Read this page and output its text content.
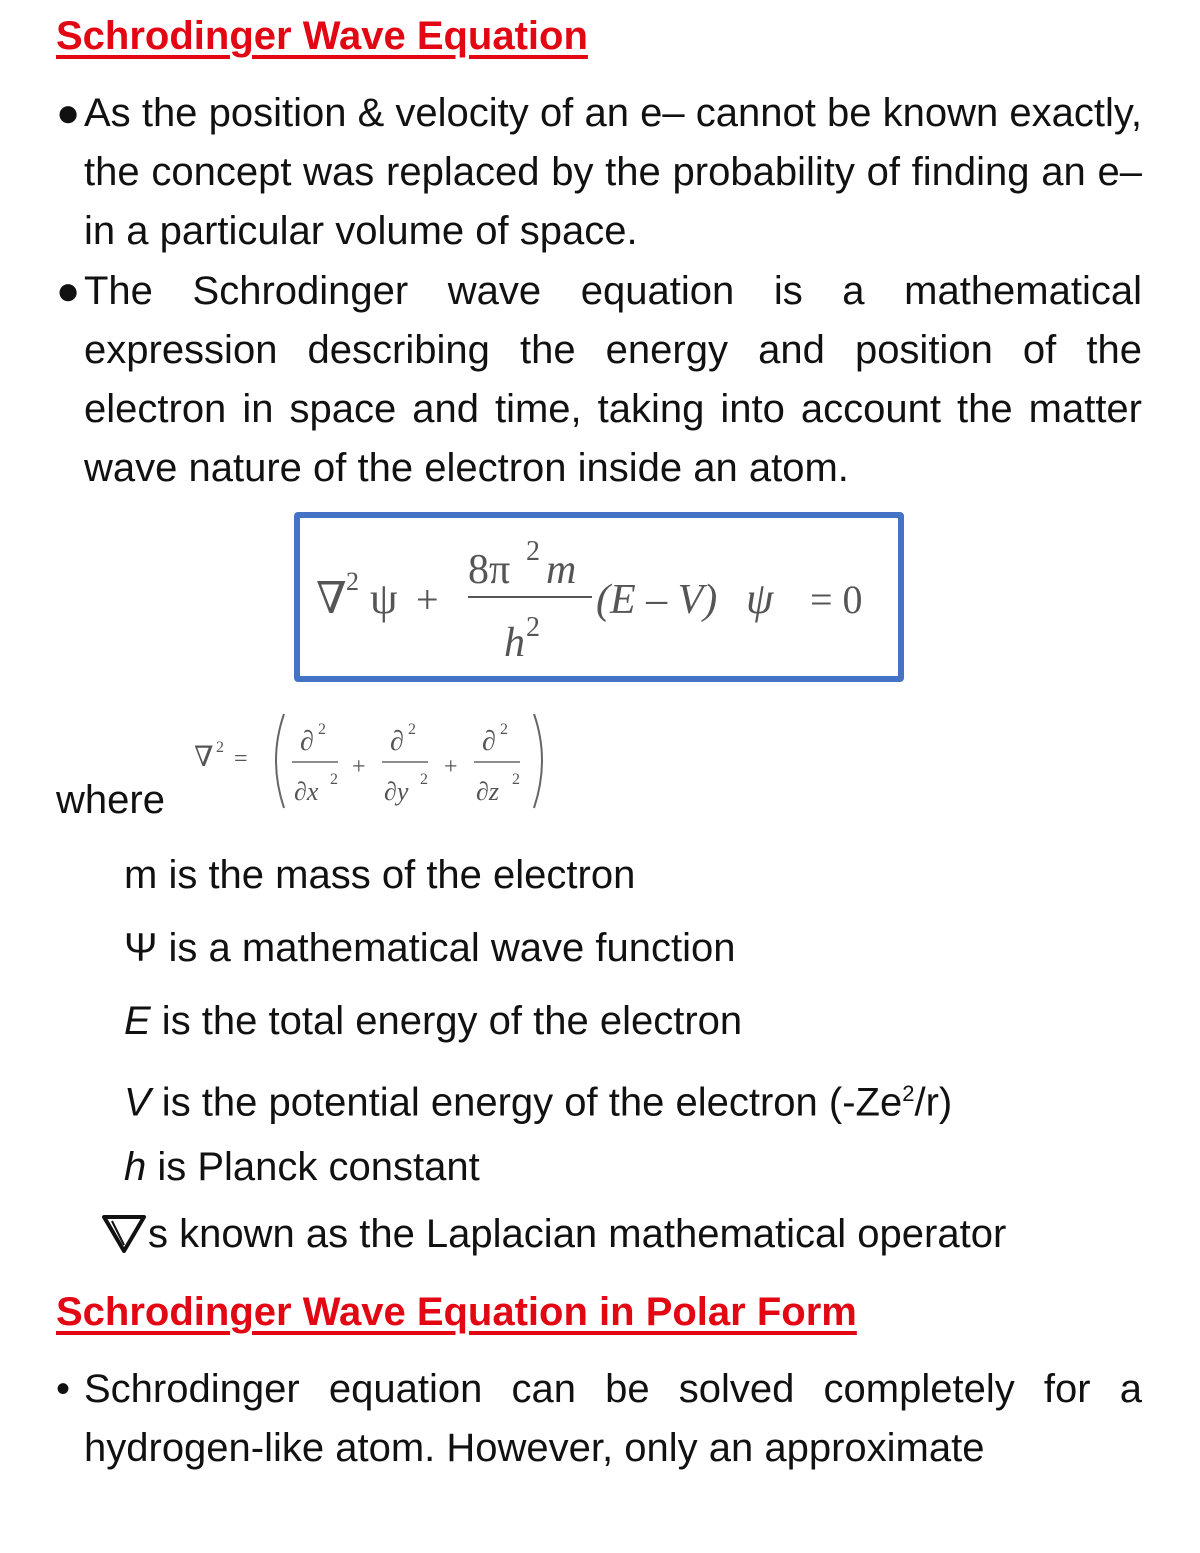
Schrodinger Wave Equation
● As the position & velocity of an e– cannot be known exactly, the concept was replaced by the probability of finding an e– in a particular volume of space.
● The Schrodinger wave equation is a mathematical expression describing the energy and position of the electron in space and time, taking into account the matter wave nature of the electron inside an atom.
∇ 2 ψ +
8π 2 m
h 2
(E – V) ψ = 0
∇ 2 =
∂ 2
∂x 2 +
∂ 2
∂y 2 +
∂ 2
∂z 2
where
m is the mass of the electron
Ψ is a mathematical wave function
E is the total energy of the electron
V is the potential energy of the electron (-Ze$^2$/r)
h is Planck constant
s known as the Laplacian mathematical operator
Schrodinger Wave Equation in Polar Form
• Schrodinger equation can be solved completely for a hydrogen-like atom. However, only an approximate
